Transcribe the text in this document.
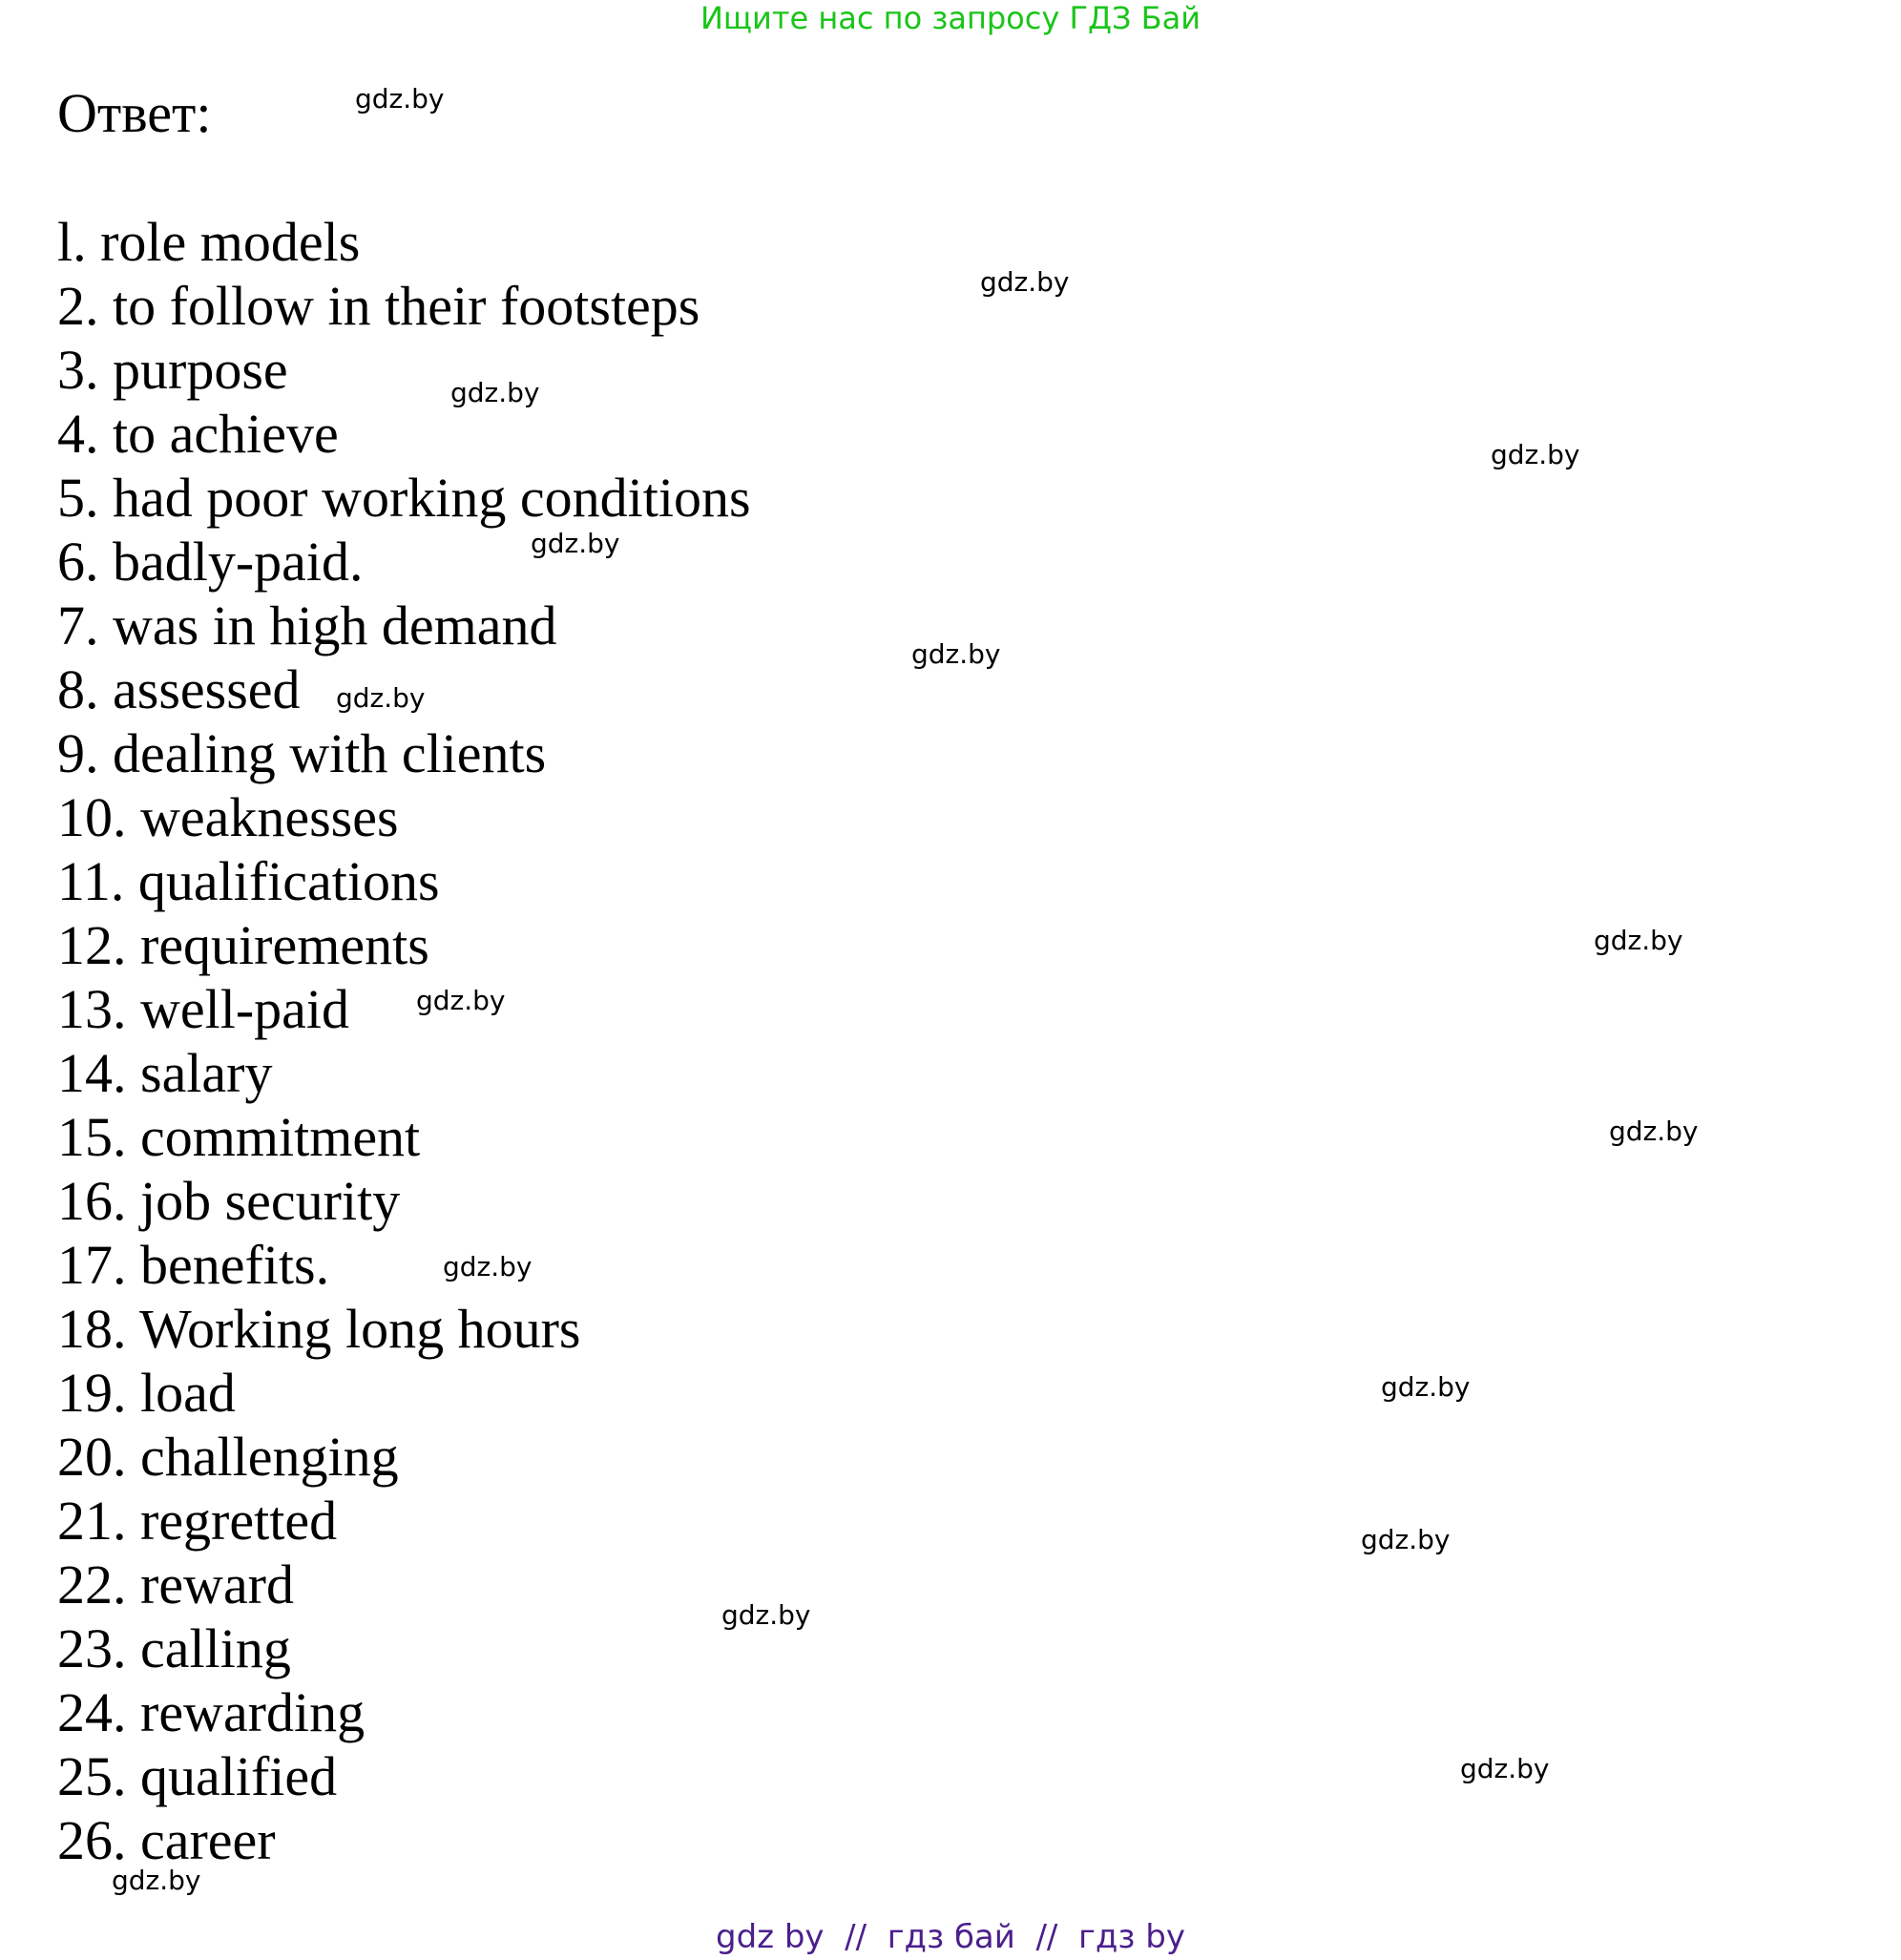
Ищите нас по запросу ГДЗ Бай
Ответ:
l. role models
2. to follow in their footsteps
3. purpose
4. to achieve
5. had poor working conditions
6. badly-paid.
7. was in high demand
8. assessed
9. dealing with clients
10. weaknesses
11. qualifications
12. requirements
13. well-paid
14. salary
15. commitment
16. job security
17. benefits.
18. Working long hours
19. load
20. challenging
21. regretted
22. reward
23. calling
24. rewarding
25. qualified
26. career
gdz.by
gdz.by
gdz.by
gdz.by
gdz.by
gdz.by
gdz.by
gdz.by
gdz.by
gdz.by
gdz.by
gdz.by
gdz.by
gdz.by
gdz.by
gdz.by
gdz by  //  гдз бай  //  гдз by
